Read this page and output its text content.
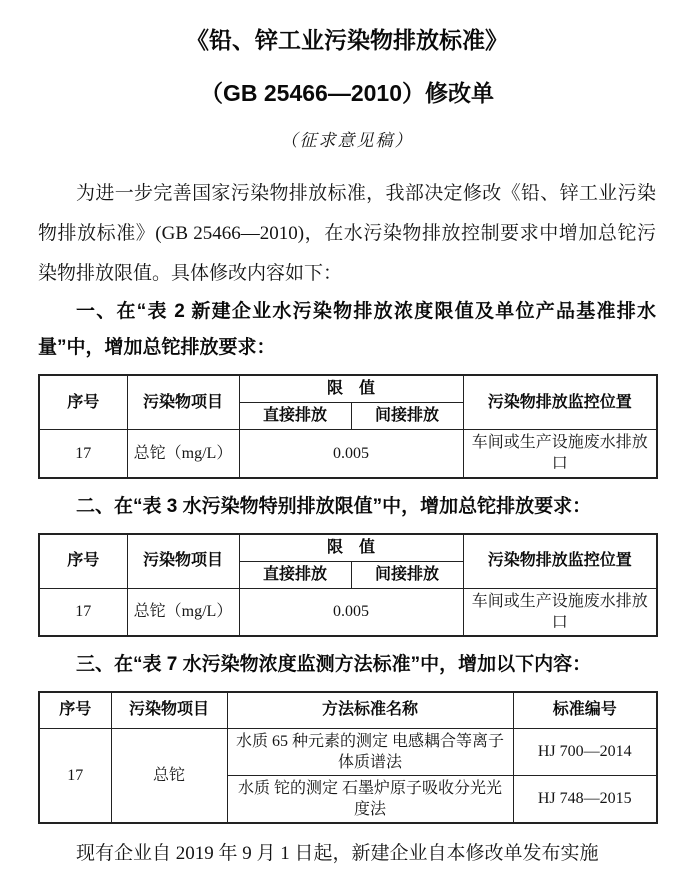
《铅、锌工业污染物排放标准》
（GB 25466—2010）修改单
（征求意见稿）

为进一步完善国家污染物排放标准，我部决定修改《铅、锌工业污染物排放标准》(GB 25466—2010)，在水污染物排放控制要求中增加总铊污染物排放限值。具体修改内容如下：

一、在“表 2 新建企业水污染物排放浓度限值及单位产品基准排水量”中，增加总铊排放要求：
序号	污染物项目	限　值		污染物排放监控位置
		直接排放	间接排放	
17	总铊（mg/L）	0.005		车间或生产设施废水排放口
二、在“表 3 水污染物特别排放限值”中，增加总铊排放要求：
序号	污染物项目	限　值		污染物排放监控位置
		直接排放	间接排放	
17	总铊（mg/L）	0.005		车间或生产设施废水排放口
三、在“表 7 水污染物浓度监测方法标准”中，增加以下内容：
序号	污染物项目	方法标准名称	标准编号
17	总铊	水质 65 种元素的测定 电感耦合等离子体质谱法	HJ 700—2014
		水质 铊的测定 石墨炉原子吸收分光光度法	HJ 748—2015

现有企业自 2019 年 9 月 1 日起，新建企业自本修改单发布实施
